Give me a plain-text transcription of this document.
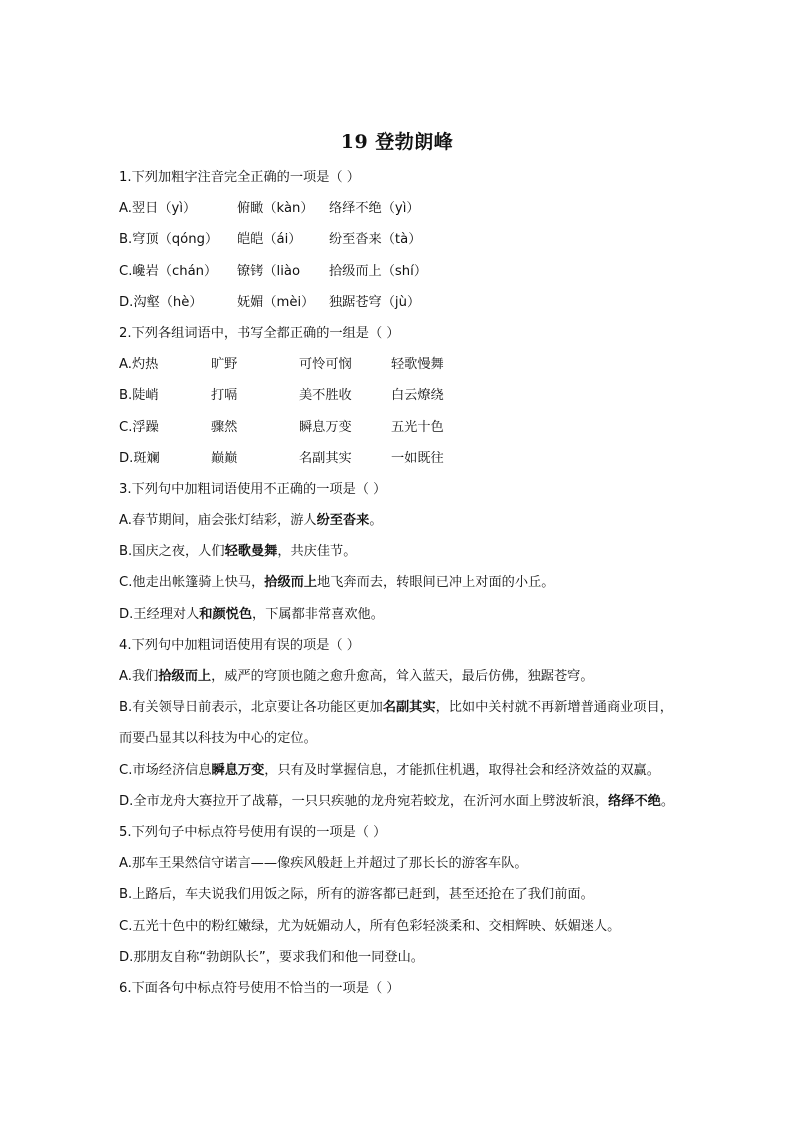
19 登勃朗峰
1.下列加粗字注音完全正确的一项是（ ）
A.翌日（yì）	俯瞰（kàn） 络绎不绝（yì）
B.穹顶（qóng） 皑皑（ái） 纷至沓来（tà）
C.巉岩（chán） 镣铐（liào 拾级而上（shí）
D.沟壑（hè）	妩媚（mèi） 独踞苍穹（jù）
2.下列各组词语中，书写全都正确的一组是（ ）
A.灼热	旷野	可怜可悯	轻歌慢舞
B.陡峭	打嗝	美不胜收	白云燎绕
C.浮躁	骤然	瞬息万变	五光十色
D.斑斓	巅巅	名副其实	一如既往
3.下列句中加粗词语使用不正确的一项是（ ）
A.春节期间，庙会张灯结彩，游人纷至沓来。
B.国庆之夜，人们轻歌曼舞，共庆佳节。
C.他走出帐篷骑上快马，拾级而上地飞奔而去，转眼间已冲上对面的小丘。
D.王经理对人和颜悦色，下属都非常喜欢他。
4.下列句中加粗词语使用有误的项是（ ）
A.我们拾级而上，威严的穹顶也随之愈升愈高，耸入蓝天，最后仿佛，独踞苍穹。
B.有关领导日前表示，北京要让各功能区更加名副其实，比如中关村就不再新增普通商业项目，而要凸显其以科技为中心的定位。
C.市场经济信息瞬息万变，只有及时掌握信息，才能抓住机遇，取得社会和经济效益的双赢。
D.全市龙舟大赛拉开了战幕，一只只疾驰的龙舟宛若蛟龙，在沂河水面上劈波斩浪，络绎不绝。
5.下列句子中标点符号使用有误的一项是（ ）
A.那车王果然信守诺言——像疾风般赶上并超过了那长长的游客车队。
B.上路后，车夫说我们用饭之际，所有的游客都已赶到，甚至还抢在了我们前面。
C.五光十色中的粉红嫩绿，尤为妩媚动人，所有色彩轻淡柔和、交相辉映、妖媚迷人。
D.那朋友自称“勃朗队长”，要求我们和他一同登山。
6.下面各句中标点符号使用不恰当的一项是（ ）
